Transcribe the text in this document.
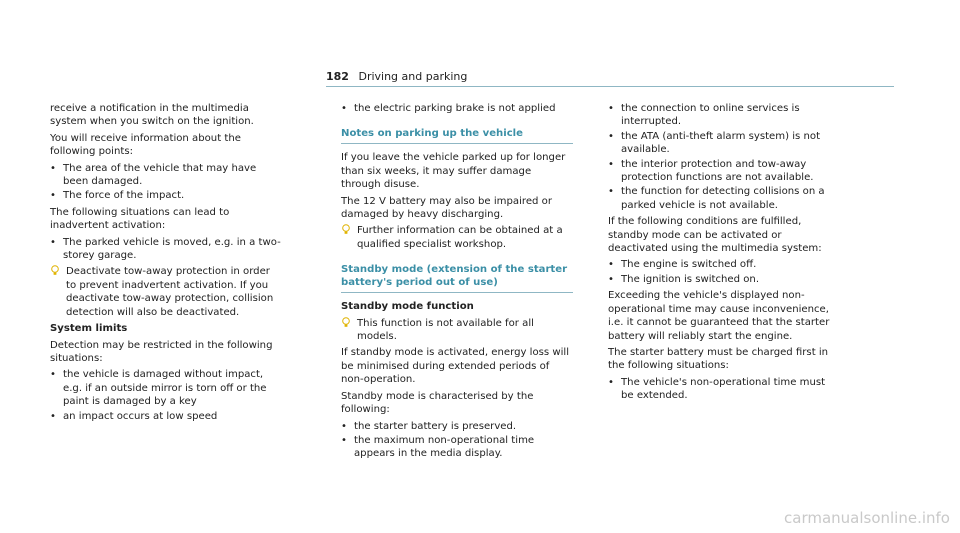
182 Driving and parking

receive a notification in the multimedia system when you switch on the ignition.

You will receive information about the following points:

• The area of the vehicle that may have been damaged.
• The force of the impact.

The following situations can lead to inadvertent activation:

• The parked vehicle is moved, e.g. in a two-storey garage.
Deactivate tow-away protection in order to prevent inadvertent activation. If you deactivate tow-away protection, collision detection will also be deactivated.

System limits

Detection may be restricted in the following situations:

• the vehicle is damaged without impact, e.g. if an outside mirror is torn off or the paint is damaged by a key
• an impact occurs at low speed
• the electric parking brake is not applied
Notes on parking up the vehicle

If you leave the vehicle parked up for longer than six weeks, it may suffer damage through disuse.

The 12 V battery may also be impaired or damaged by heavy discharging.

Further information can be obtained at a qualified specialist workshop.
Standby mode (extension of the starter battery's period out of use)

Standby mode function

This function is not available for all models.

If standby mode is activated, energy loss will be minimised during extended periods of non-operation.

Standby mode is characterised by the following:

• the starter battery is preserved.
• the maximum non-operational time appears in the media display.
• the connection to online services is interrupted.
• the ATA (anti-theft alarm system) is not available.
• the interior protection and tow-away protection functions are not available.
• the function for detecting collisions on a parked vehicle is not available.

If the following conditions are fulfilled, standby mode can be activated or deactivated using the multimedia system:

• The engine is switched off.
• The ignition is switched on.

Exceeding the vehicle's displayed non-operational time may cause inconvenience, i.e. it cannot be guaranteed that the starter battery will reliably start the engine.

The starter battery must be charged first in the following situations:

• The vehicle's non-operational time must be extended.
carmanualsonline.info
